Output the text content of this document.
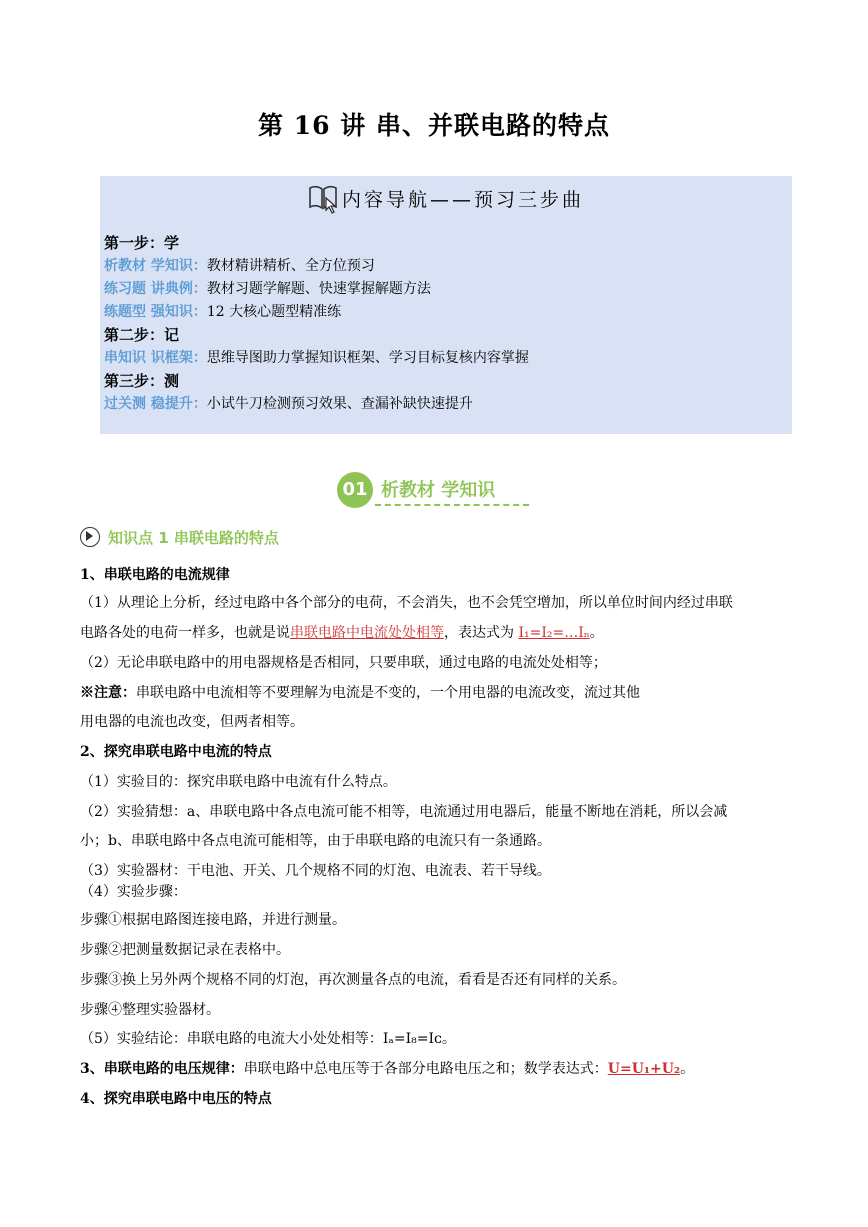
第 16 讲 串、并联电路的特点
内容导航——预习三步曲
第一步：学
析教材 学知识：教材精讲精析、全方位预习
练习题 讲典例：教材习题学解题、快速掌握解题方法
练题型 强知识：12 大核心题型精准练
第二步：记
串知识 识框架：思维导图助力掌握知识框架、学习目标复核内容掌握
第三步：测
过关测 稳提升：小试牛刀检测预习效果、查漏补缺快速提升
01 析教材 学知识
知识点 1 串联电路的特点
1、串联电路的电流规律
（1）从理论上分析，经过电路中各个部分的电荷，不会消失，也不会凭空增加，所以单位时间内经过串联
电路各处的电荷一样多，也就是说串联电路中电流处处相等，表达式为 I₁=I₂=…Iₙ。
（2）无论串联电路中的用电器规格是否相同，只要串联，通过电路的电流处处相等；
※注意：串联电路中电流相等不要理解为电流是不变的，一个用电器的电流改变，流过其他
用电器的电流也改变，但两者相等。
2、探究串联电路中电流的特点
（1）实验目的：探究串联电路中电流有什么特点。
（2）实验猜想：a、串联电路中各点电流可能不相等，电流通过用电器后，能量不断地在消耗，所以会减
小；b、串联电路中各点电流可能相等，由于串联电路的电流只有一条通路。
（3）实验器材：干电池、开关、几个规格不同的灯泡、电流表、若干导线。
（4）实验步骤：
步骤①根据电路图连接电路，并进行测量。
步骤②把测量数据记录在表格中。
步骤③换上另外两个规格不同的灯泡，再次测量各点的电流，看看是否还有同样的关系。
步骤④整理实验器材。
（5）实验结论：串联电路的电流大小处处相等：Iₐ=I₈=Iᴄ。
3、串联电路的电压规律：串联电路中总电压等于各部分电路电压之和；数学表达式：U=U₁+U₂。
4、探究串联电路中电压的特点
